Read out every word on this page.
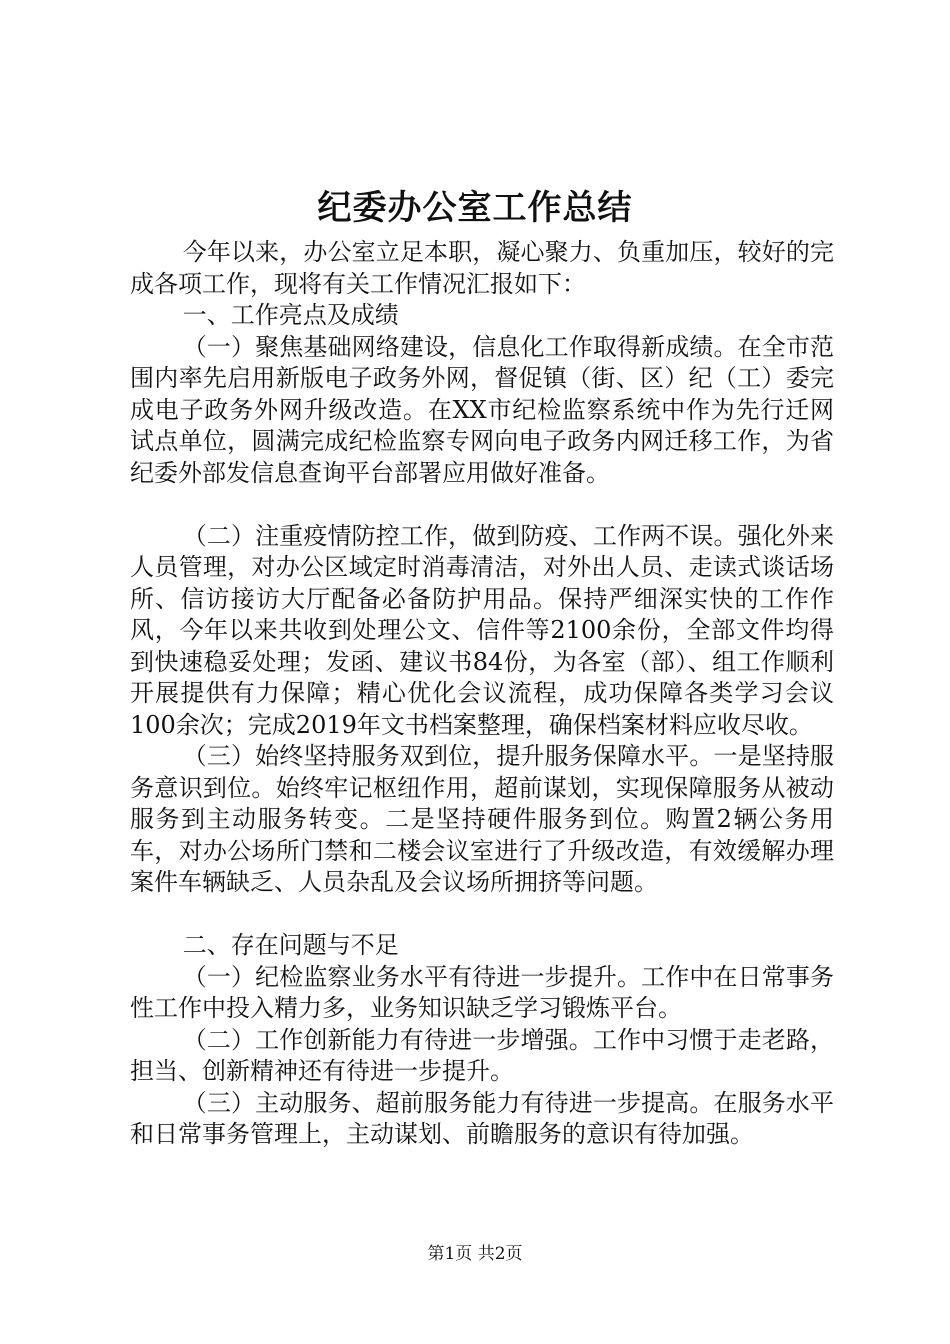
纪委办公室工作总结

今年以来，办公室立足本职，凝心聚力、负重加压，较好的完成各项工作，现将有关工作情况汇报如下：

一、工作亮点及成绩

（一）聚焦基础网络建设，信息化工作取得新成绩。在全市范围内率先启用新版电子政务外网，督促镇（街、区）纪（工）委完成电子政务外网升级改造。在XX市纪检监察系统中作为先行迁网试点单位，圆满完成纪检监察专网向电子政务内网迁移工作，为省纪委外部发信息查询平台部署应用做好准备。

（二）注重疫情防控工作，做到防疫、工作两不误。强化外来人员管理，对办公区域定时消毒清洁，对外出人员、走读式谈话场所、信访接访大厅配备必备防护用品。保持严细深实快的工作作风，今年以来共收到处理公文、信件等2100余份，全部文件均得到快速稳妥处理；发函、建议书84份，为各室（部）、组工作顺利开展提供有力保障；精心优化会议流程，成功保障各类学习会议100余次；完成2019年文书档案整理，确保档案材料应收尽收。

（三）始终坚持服务双到位，提升服务保障水平。一是坚持服务意识到位。始终牢记枢纽作用，超前谋划，实现保障服务从被动服务到主动服务转变。二是坚持硬件服务到位。购置2辆公务用车，对办公场所门禁和二楼会议室进行了升级改造，有效缓解办理案件车辆缺乏、人员杂乱及会议场所拥挤等问题。

二、存在问题与不足

（一）纪检监察业务水平有待进一步提升。工作中在日常事务性工作中投入精力多，业务知识缺乏学习锻炼平台。

（二）工作创新能力有待进一步增强。工作中习惯于走老路，担当、创新精神还有待进一步提升。

（三）主动服务、超前服务能力有待进一步提高。在服务水平和日常事务管理上，主动谋划、前瞻服务的意识有待加强。

第1页 共2页
